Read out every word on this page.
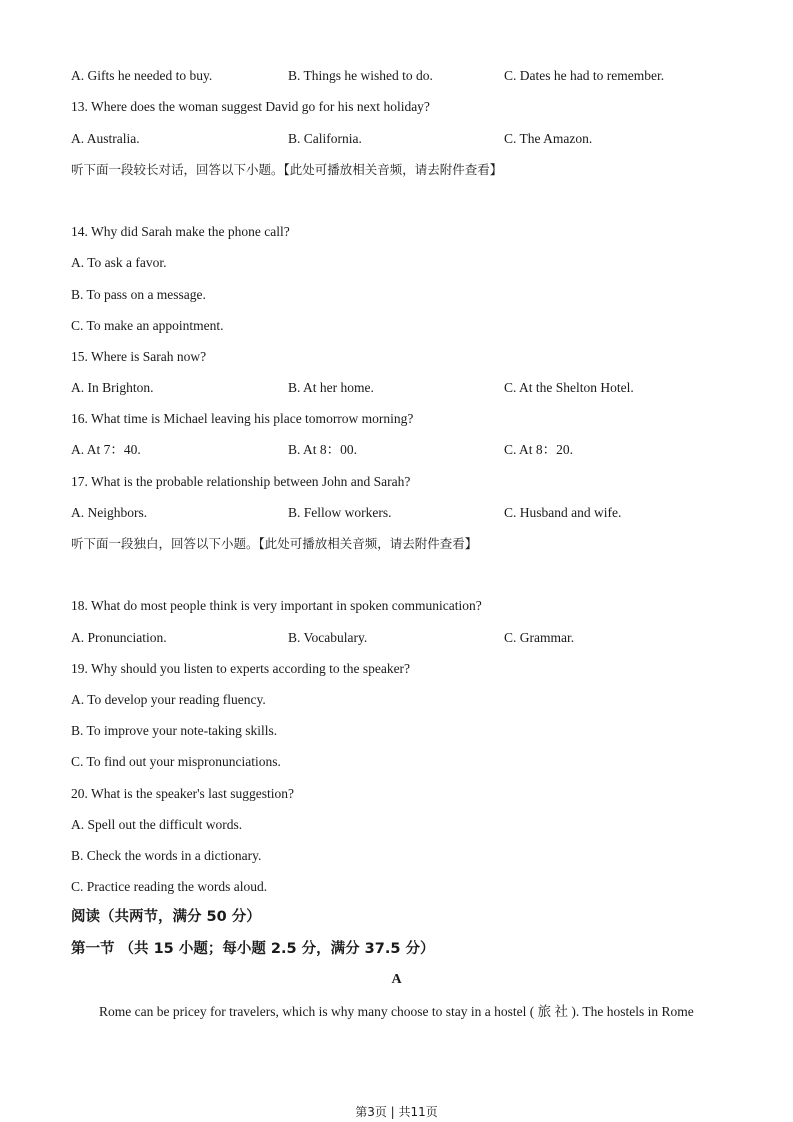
A. Gifts he needed to buy.	B. Things he wished to do.	C. Dates he had to remember.
13. Where does the woman suggest David go for his next holiday?
A. Australia.	B. California.	C. The Amazon.
听下面一段较长对话，回答以下小题。【此处可播放相关音频，请去附件查看】
14. Why did Sarah make the phone call?
A. To ask a favor.
B. To pass on a message.
C. To make an appointment.
15. Where is Sarah now?
A. In Brighton.	B. At her home.	C. At the Shelton Hotel.
16. What time is Michael leaving his place tomorrow morning?
A. At 7：40.	B. At 8：00.	C. At 8：20.
17. What is the probable relationship between John and Sarah?
A. Neighbors.	B. Fellow workers.	C. Husband and wife.
听下面一段独白，回答以下小题。【此处可播放相关音频，请去附件查看】
18. What do most people think is very important in spoken communication?
A. Pronunciation.	B. Vocabulary.	C. Grammar.
19. Why should you listen to experts according to the speaker?
A. To develop your reading fluency.
B. To improve your note-taking skills.
C. To find out your mispronunciations.
20. What is the speaker's last suggestion?
A. Spell out the difficult words.
B. Check the words in a dictionary.
C. Practice reading the words aloud.
阅读（共两节，满分 50 分）
第一节 （共 15 小题；每小题 2.5 分，满分 37.5 分）
A
Rome can be pricey for travelers, which is why many choose to stay in a hostel ( 旅 社 ). The hostels in Rome
第3页 | 共11页
